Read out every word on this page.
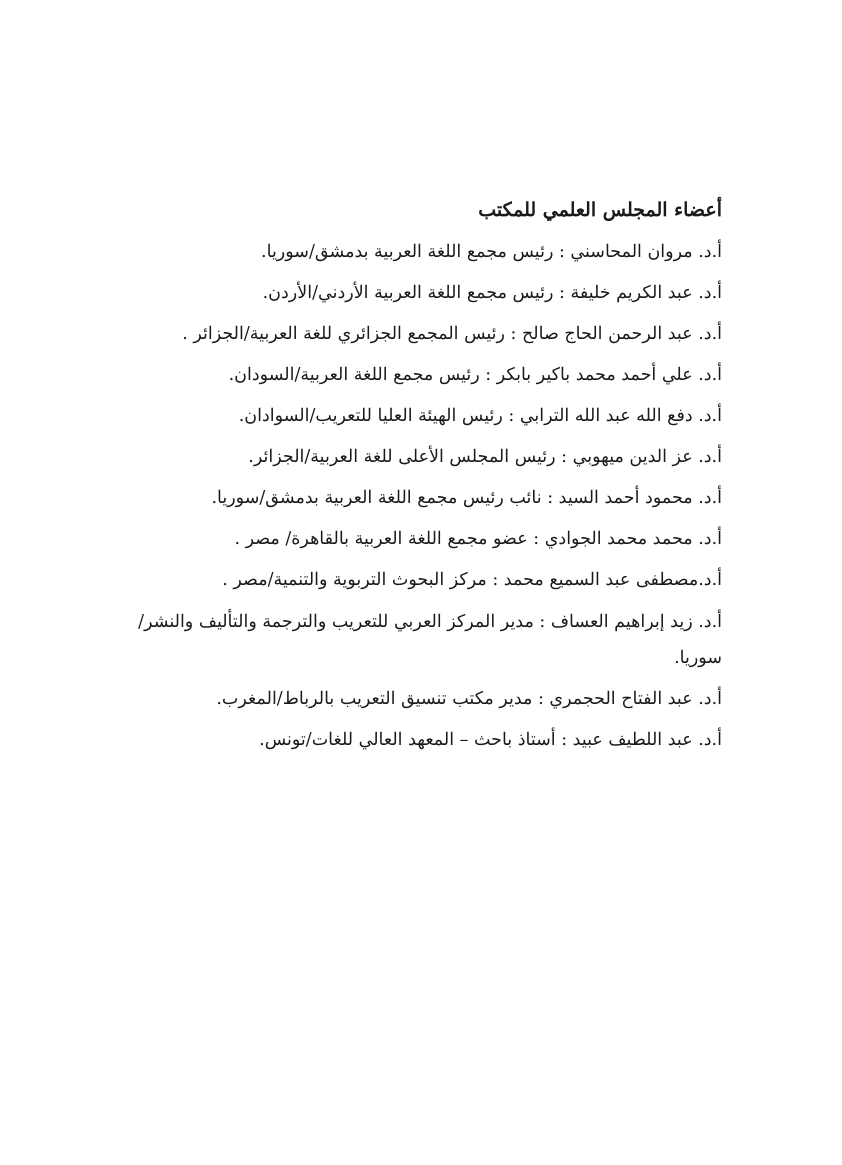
أعضاء المجلس العلمي للمكتب
أ.د. مروان المحاسني : رئيس مجمع اللغة العربية بدمشق/سوريا.
أ.د. عبد الكريم خليفة : رئيس مجمع اللغة العربية الأردني/الأردن.
أ.د. عبد الرحمن الحاج صالح : رئيس المجمع الجزائري للغة العربية/الجزائر .
أ.د. علي أحمد محمد باكير بابكر : رئيس مجمع اللغة العربية/السودان.
أ.د. دفع الله عبد الله الترابي : رئيس الهيئة العليا للتعريب/السوادان.
أ.د. عز الدين ميهوبي : رئيس المجلس الأعلى للغة العربية/الجزائر.
أ.د. محمود أحمد السيد : نائب رئيس مجمع اللغة العربية بدمشق/سوريا.
أ.د. محمد محمد الجوادي : عضو مجمع اللغة العربية بالقاهرة/ مصر .
أ.د.مصطفى عبد السميع محمد : مركز البحوث التربوية والتنمية/مصر .
أ.د. زيد إبراهيم العساف : مدير المركز العربي للتعريب والترجمة والتأليف والنشر/ سوريا.
أ.د. عبد الفتاح الحجمري : مدير مكتب تنسيق التعريب بالرباط/المغرب.
أ.د. عبد اللطيف عبيد : أستاذ باحث – المعهد العالي للغات/تونس.
